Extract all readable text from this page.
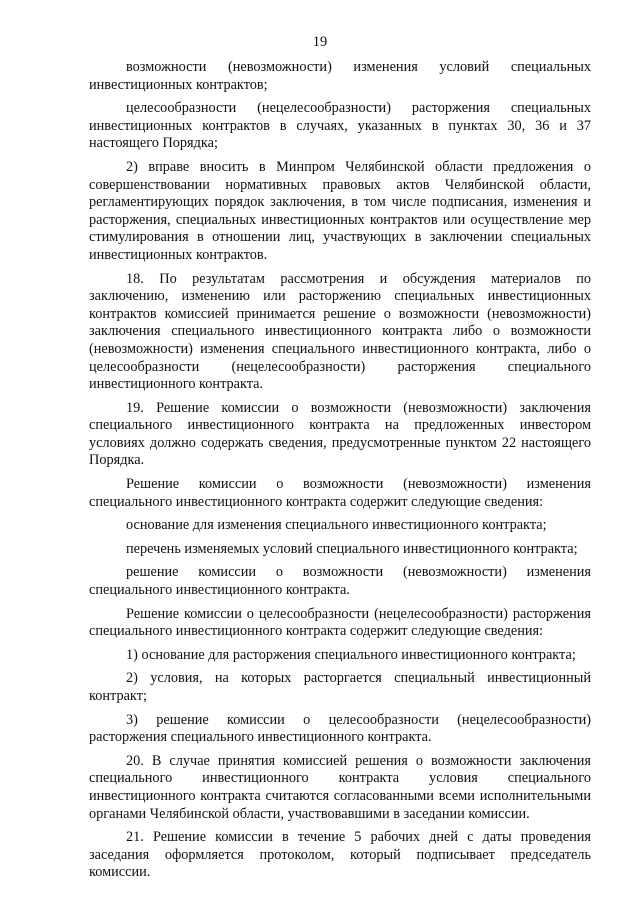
19

возможности (невозможности) изменения условий специальных инвестиционных контрактов;

целесообразности (нецелесообразности) расторжения специальных инвестиционных контрактов в случаях, указанных в пунктах 30, 36 и 37 настоящего Порядка;

2) вправе вносить в Минпром Челябинской области предложения о совершенствовании нормативных правовых актов Челябинской области, регламентирующих порядок заключения, в том числе подписания, изменения и расторжения, специальных инвестиционных контрактов или осуществление мер стимулирования в отношении лиц, участвующих в заключении специальных инвестиционных контрактов.

18. По результатам рассмотрения и обсуждения материалов по заключению, изменению или расторжению специальных инвестиционных контрактов комиссией принимается решение о возможности (невозможности) заключения специального инвестиционного контракта либо о возможности (невозможности) изменения специального инвестиционного контракта, либо о целесообразности (нецелесообразности) расторжения специального инвестиционного контракта.

19. Решение комиссии о возможности (невозможности) заключения специального инвестиционного контракта на предложенных инвестором условиях должно содержать сведения, предусмотренные пунктом 22 настоящего Порядка.

Решение комиссии о возможности (невозможности) изменения специального инвестиционного контракта содержит следующие сведения:

основание для изменения специального инвестиционного контракта;

перечень изменяемых условий специального инвестиционного контракта;

решение комиссии о возможности (невозможности) изменения специального инвестиционного контракта.

Решение комиссии о целесообразности (нецелесообразности) расторжения специального инвестиционного контракта содержит следующие сведения:

1) основание для расторжения специального инвестиционного контракта;

2) условия, на которых расторгается специальный инвестиционный контракт;

3) решение комиссии о целесообразности (нецелесообразности) расторжения специального инвестиционного контракта.

20. В случае принятия комиссией решения о возможности заключения специального инвестиционного контракта условия специального инвестиционного контракта считаются согласованными всеми исполнительными органами Челябинской области, участвовавшими в заседании комиссии.

21. Решение комиссии в течение 5 рабочих дней с даты проведения заседания оформляется протоколом, который подписывает председатель комиссии.
